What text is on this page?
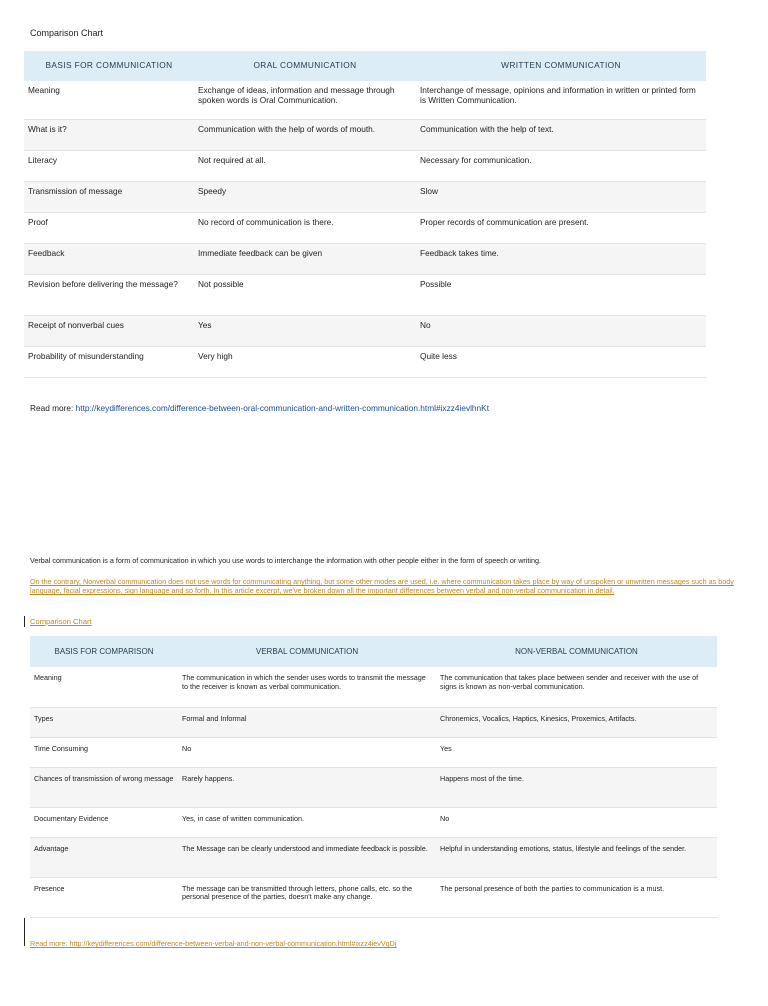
Comparison Chart
BASIS FOR COMMUNICATION	ORAL COMMUNICATION	WRITTEN COMMUNICATION
Meaning	Exchange of ideas, information and message through spoken words is Oral Communication.	Interchange of message, opinions and information in written or printed form is Written Communication.
What is it?	Communication with the help of words of mouth.	Communication with the help of text.
Literacy	Not required at all.	Necessary for communication.
Transmission of message	Speedy	Slow
Proof	No record of communication is there.	Proper records of communication are present.
Feedback	Immediate feedback can be given	Feedback takes time.
Revision before delivering the message?	Not possible	Possible
Receipt of nonverbal cues	Yes	No
Probability of misunderstanding	Very high	Quite less
Read more: http://keydifferences.com/difference-between-oral-communication-and-written-communication.html#ixzz4ievlhnKt
Verbal communication is a form of communication in which you use words to interchange the information with other people either in the form of speech or writing.
On the contrary, Nonverbal communication does not use words for communicating anything, but some other modes are used, i.e. where communication takes place by way of unspoken or unwritten messages such as body language, facial expressions, sign language and so forth. In this article excerpt, we've broken down all the important differences between verbal and non-verbal communication in detail.
Comparison Chart
BASIS FOR COMPARISON	VERBAL COMMUNICATION	NON-VERBAL COMMUNICATION
Meaning	The communication in which the sender uses words to transmit the message to the receiver is known as verbal communication.	The communication that takes place between sender and receiver with the use of signs is known as non-verbal communication.
Types	Formal and Informal	Chronemics, Vocalics, Haptics, Kinesics, Proxemics, Artifacts.
Time Consuming	No	Yes
Chances of transmission of wrong message	Rarely happens.	Happens most of the time.
Documentary Evidence	Yes, in case of written communication.	No
Advantage	The Message can be clearly understood and immediate feedback is possible.	Helpful in understanding emotions, status, lifestyle and feelings of the sender.
Presence	The message can be transmitted through letters, phone calls, etc. so the personal presence of the parties, doesn't make any change.	The personal presence of both the parties to communication is a must.
Read more: http://keydifferences.com/difference-between-verbal-and-non-verbal-communication.html#ixzz4ievVqDj
